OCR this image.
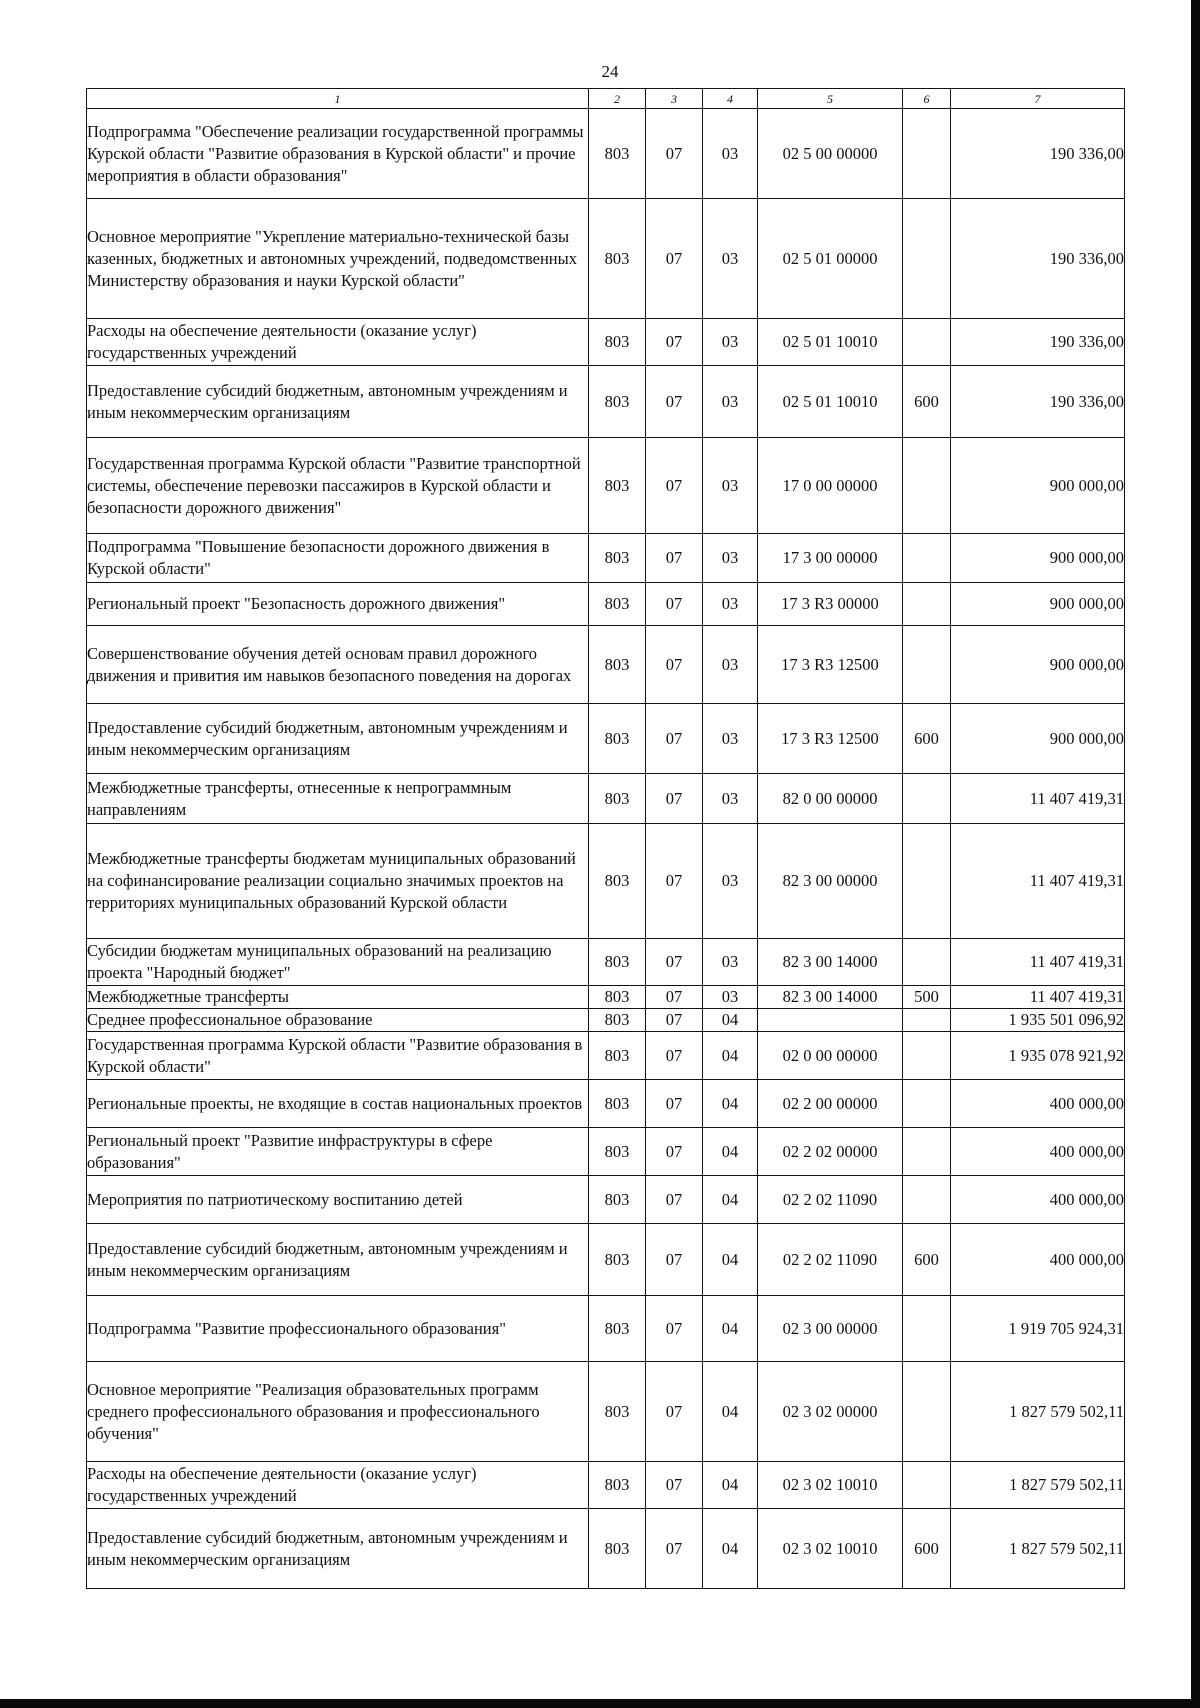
24
1	2	3	4	5	6	7
Подпрограмма "Обеспечение реализации государственной программы Курской области "Развитие образования в Курской области" и прочие мероприятия в области образования"	803	07	03	02 5 00 00000		190 336,00
Основное мероприятие "Укрепление материально-технической базы казенных, бюджетных и автономных учреждений, подведомственных Министерству образования и науки Курской области"	803	07	03	02 5 01 00000		190 336,00
Расходы на обеспечение деятельности (оказание услуг) государственных учреждений	803	07	03	02 5 01 10010		190 336,00
Предоставление субсидий бюджетным, автономным учреждениям и иным некоммерческим организациям	803	07	03	02 5 01 10010	600	190 336,00
Государственная программа Курской области "Развитие транспортной системы, обеспечение перевозки пассажиров в Курской области и безопасности дорожного движения"	803	07	03	17 0 00 00000		900 000,00
Подпрограмма "Повышение безопасности дорожного движения в Курской области"	803	07	03	17 3 00 00000		900 000,00
Региональный проект "Безопасность дорожного движения"	803	07	03	17 3 R3 00000		900 000,00
Совершенствование обучения детей основам правил дорожного движения и привития им навыков безопасного поведения на дорогах	803	07	03	17 3 R3 12500		900 000,00
Предоставление субсидий бюджетным, автономным учреждениям и иным некоммерческим организациям	803	07	03	17 3 R3 12500	600	900 000,00
Межбюджетные трансферты, отнесенные к непрограммным направлениям	803	07	03	82 0 00 00000		11 407 419,31
Межбюджетные трансферты бюджетам муниципальных образований на софинансирование реализации социально значимых проектов на территориях муниципальных образований Курской области	803	07	03	82 3 00 00000		11 407 419,31
Субсидии бюджетам муниципальных образований на реализацию проекта "Народный бюджет"	803	07	03	82 3 00 14000		11 407 419,31
Межбюджетные трансферты	803	07	03	82 3 00 14000	500	11 407 419,31
Среднее профессиональное образование	803	07	04			1 935 501 096,92
Государственная программа Курской области "Развитие образования в Курской области"	803	07	04	02 0 00 00000		1 935 078 921,92
Региональные проекты, не входящие в состав национальных проектов	803	07	04	02 2 00 00000		400 000,00
Региональный проект "Развитие инфраструктуры в сфере образования"	803	07	04	02 2 02 00000		400 000,00
Мероприятия по патриотическому воспитанию детей	803	07	04	02 2 02 11090		400 000,00
Предоставление субсидий бюджетным, автономным учреждениям и иным некоммерческим организациям	803	07	04	02 2 02 11090	600	400 000,00
Подпрограмма "Развитие профессионального образования"	803	07	04	02 3 00 00000		1 919 705 924,31
Основное мероприятие "Реализация образовательных программ среднего профессионального образования и профессионального обучения"	803	07	04	02 3 02 00000		1 827 579 502,11
Расходы на обеспечение деятельности (оказание услуг) государственных учреждений	803	07	04	02 3 02 10010		1 827 579 502,11
Предоставление субсидий бюджетным, автономным учреждениям и иным некоммерческим организациям	803	07	04	02 3 02 10010	600	1 827 579 502,11
